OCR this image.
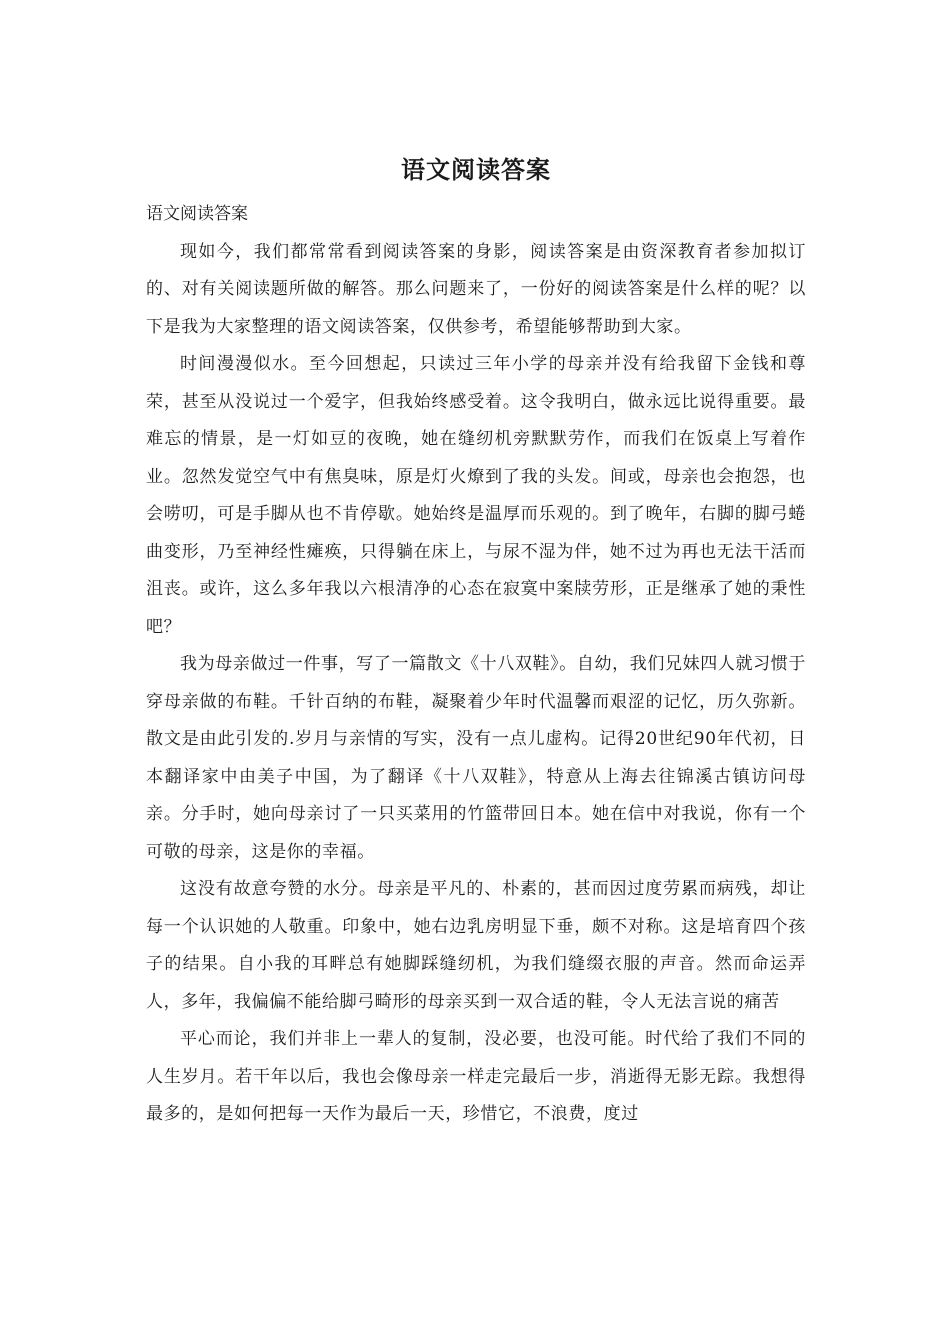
语文阅读答案

语文阅读答案

现如今，我们都常常看到阅读答案的身影，阅读答案是由资深教育者参加拟订的、对有关阅读题所做的解答。那么问题来了，一份好的阅读答案是什么样的呢？以下是我为大家整理的语文阅读答案，仅供参考，希望能够帮助到大家。

时间漫漫似水。至今回想起，只读过三年小学的母亲并没有给我留下金钱和尊荣，甚至从没说过一个爱字，但我始终感受着。这令我明白，做永远比说得重要。最难忘的情景，是一灯如豆的夜晚，她在缝纫机旁默默劳作，而我们在饭桌上写着作业。忽然发觉空气中有焦臭味，原是灯火燎到了我的头发。间或，母亲也会抱怨，也会唠叨，可是手脚从也不肯停歇。她始终是温厚而乐观的。到了晚年，右脚的脚弓蜷曲变形，乃至神经性瘫痪，只得躺在床上，与尿不湿为伴，她不过为再也无法干活而沮丧。或许，这么多年我以六根清净的心态在寂寞中案牍劳形，正是继承了她的秉性吧？

我为母亲做过一件事，写了一篇散文《十八双鞋》。自幼，我们兄妹四人就习惯于穿母亲做的布鞋。千针百纳的布鞋，凝聚着少年时代温馨而艰涩的记忆，历久弥新。散文是由此引发的.岁月与亲情的写实，没有一点儿虚构。记得20世纪90年代初，日本翻译家中由美子中国，为了翻译《十八双鞋》，特意从上海去往锦溪古镇访问母亲。分手时，她向母亲讨了一只买菜用的竹篮带回日本。她在信中对我说，你有一个可敬的母亲，这是你的幸福。

这没有故意夸赞的水分。母亲是平凡的、朴素的，甚而因过度劳累而病残，却让每一个认识她的人敬重。印象中，她右边乳房明显下垂，颇不对称。这是培育四个孩子的结果。自小我的耳畔总有她脚踩缝纫机，为我们缝缀衣服的声音。然而命运弄人，多年，我偏偏不能给脚弓畸形的母亲买到一双合适的鞋，令人无法言说的痛苦

平心而论，我们并非上一辈人的复制，没必要，也没可能。时代给了我们不同的人生岁月。若干年以后，我也会像母亲一样走完最后一步，消逝得无影无踪。我想得最多的，是如何把每一天作为最后一天，珍惜它，不浪费，度过
